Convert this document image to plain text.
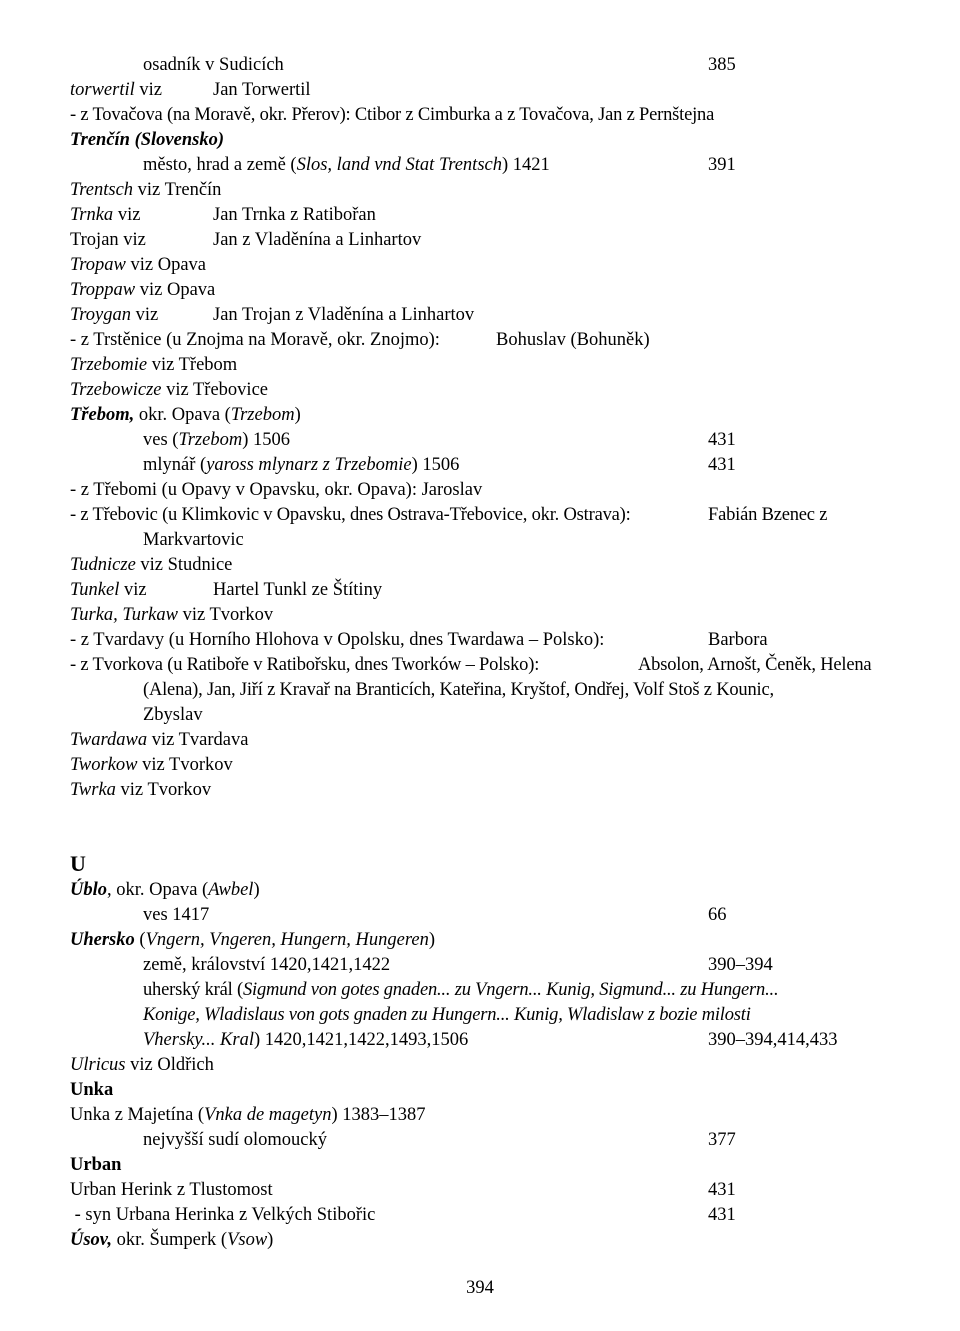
osadník v Sudicích	385
torwertil viz	Jan Torwertil
- z Tovačova (na Moravě, okr. Přerov): Ctibor z Cimburka a z Tovačova, Jan z Pernštejna
Trenčín (Slovensko)
město, hrad a země (Slos, land vnd Stat Trentsch) 1421	391
Trentsch viz Trenčín
Trnka viz	Jan Trnka z Ratibořan
Trojan viz	Jan z Vladěnína a Linhartov
Tropaw viz Opava
Troppaw viz Opava
Troygan viz	Jan Trojan z Vladěnína a Linhartov
- z Trstěnice (u Znojma na Moravě, okr. Znojmo):	Bohuslav (Bohuněk)
Trzebomie viz Třebom
Trzebowicze viz Třebovice
Třebom, okr. Opava (Trzebom)
ves (Trzebom) 1506	431
mlynář (yaross mlynarz z Trzebomie) 1506	431
- z Třebomi (u Opavy v Opavsku, okr. Opava): Jaroslav
- z Třebovic (u Klimkovic v Opavsku, dnes Ostrava-Třebovice, okr. Ostrava):	Fabián Bzenec z
Markvartovic
Tudnicze viz Studnice
Tunkel viz	Hartel Tunkl ze Štítiny
Turka, Turkaw viz Tvorkov
- z Tvardavy (u Horního Hlohova v Opolsku, dnes Twardawa – Polsko):	Barbora
- z Tvorkova (u Ratiboře v Ratibořsku, dnes Tworków – Polsko):	Absolon, Arnošt, Čeněk, Helena
(Alena), Jan, Jiří z Kravař na Branticích, Kateřina, Kryštof, Ondřej, Volf Stoš z Kounic,
Zbyslav
Twardawa viz Tvardava
Tworkow viz Tvorkov
Twrka viz Tvorkov
U
Úblo, okr. Opava (Awbel)
ves 1417	66
Uhersko (Vngern, Vngeren, Hungern, Hungeren)
země, království 1420,1421,1422	390–394
uherský král (Sigmund von gotes gnaden... zu Vngern... Kunig, Sigmund... zu Hungern...
Konige, Wladislaus von gots gnaden zu Hungern... Kunig, Wladislaw z bozie milosti
Vhersky... Kral) 1420,1421,1422,1493,1506	390–394,414,433
Ulricus viz Oldřich
Unka
Unka z Majetína (Vnka de magetyn) 1383–1387
nejvyšší sudí olomoucký	377
Urban
Urban Herink z Tlustomost	431
- syn Urbana Herinka z Velkých Stibořic	431
Úsov, okr. Šumperk (Vsow)
394
